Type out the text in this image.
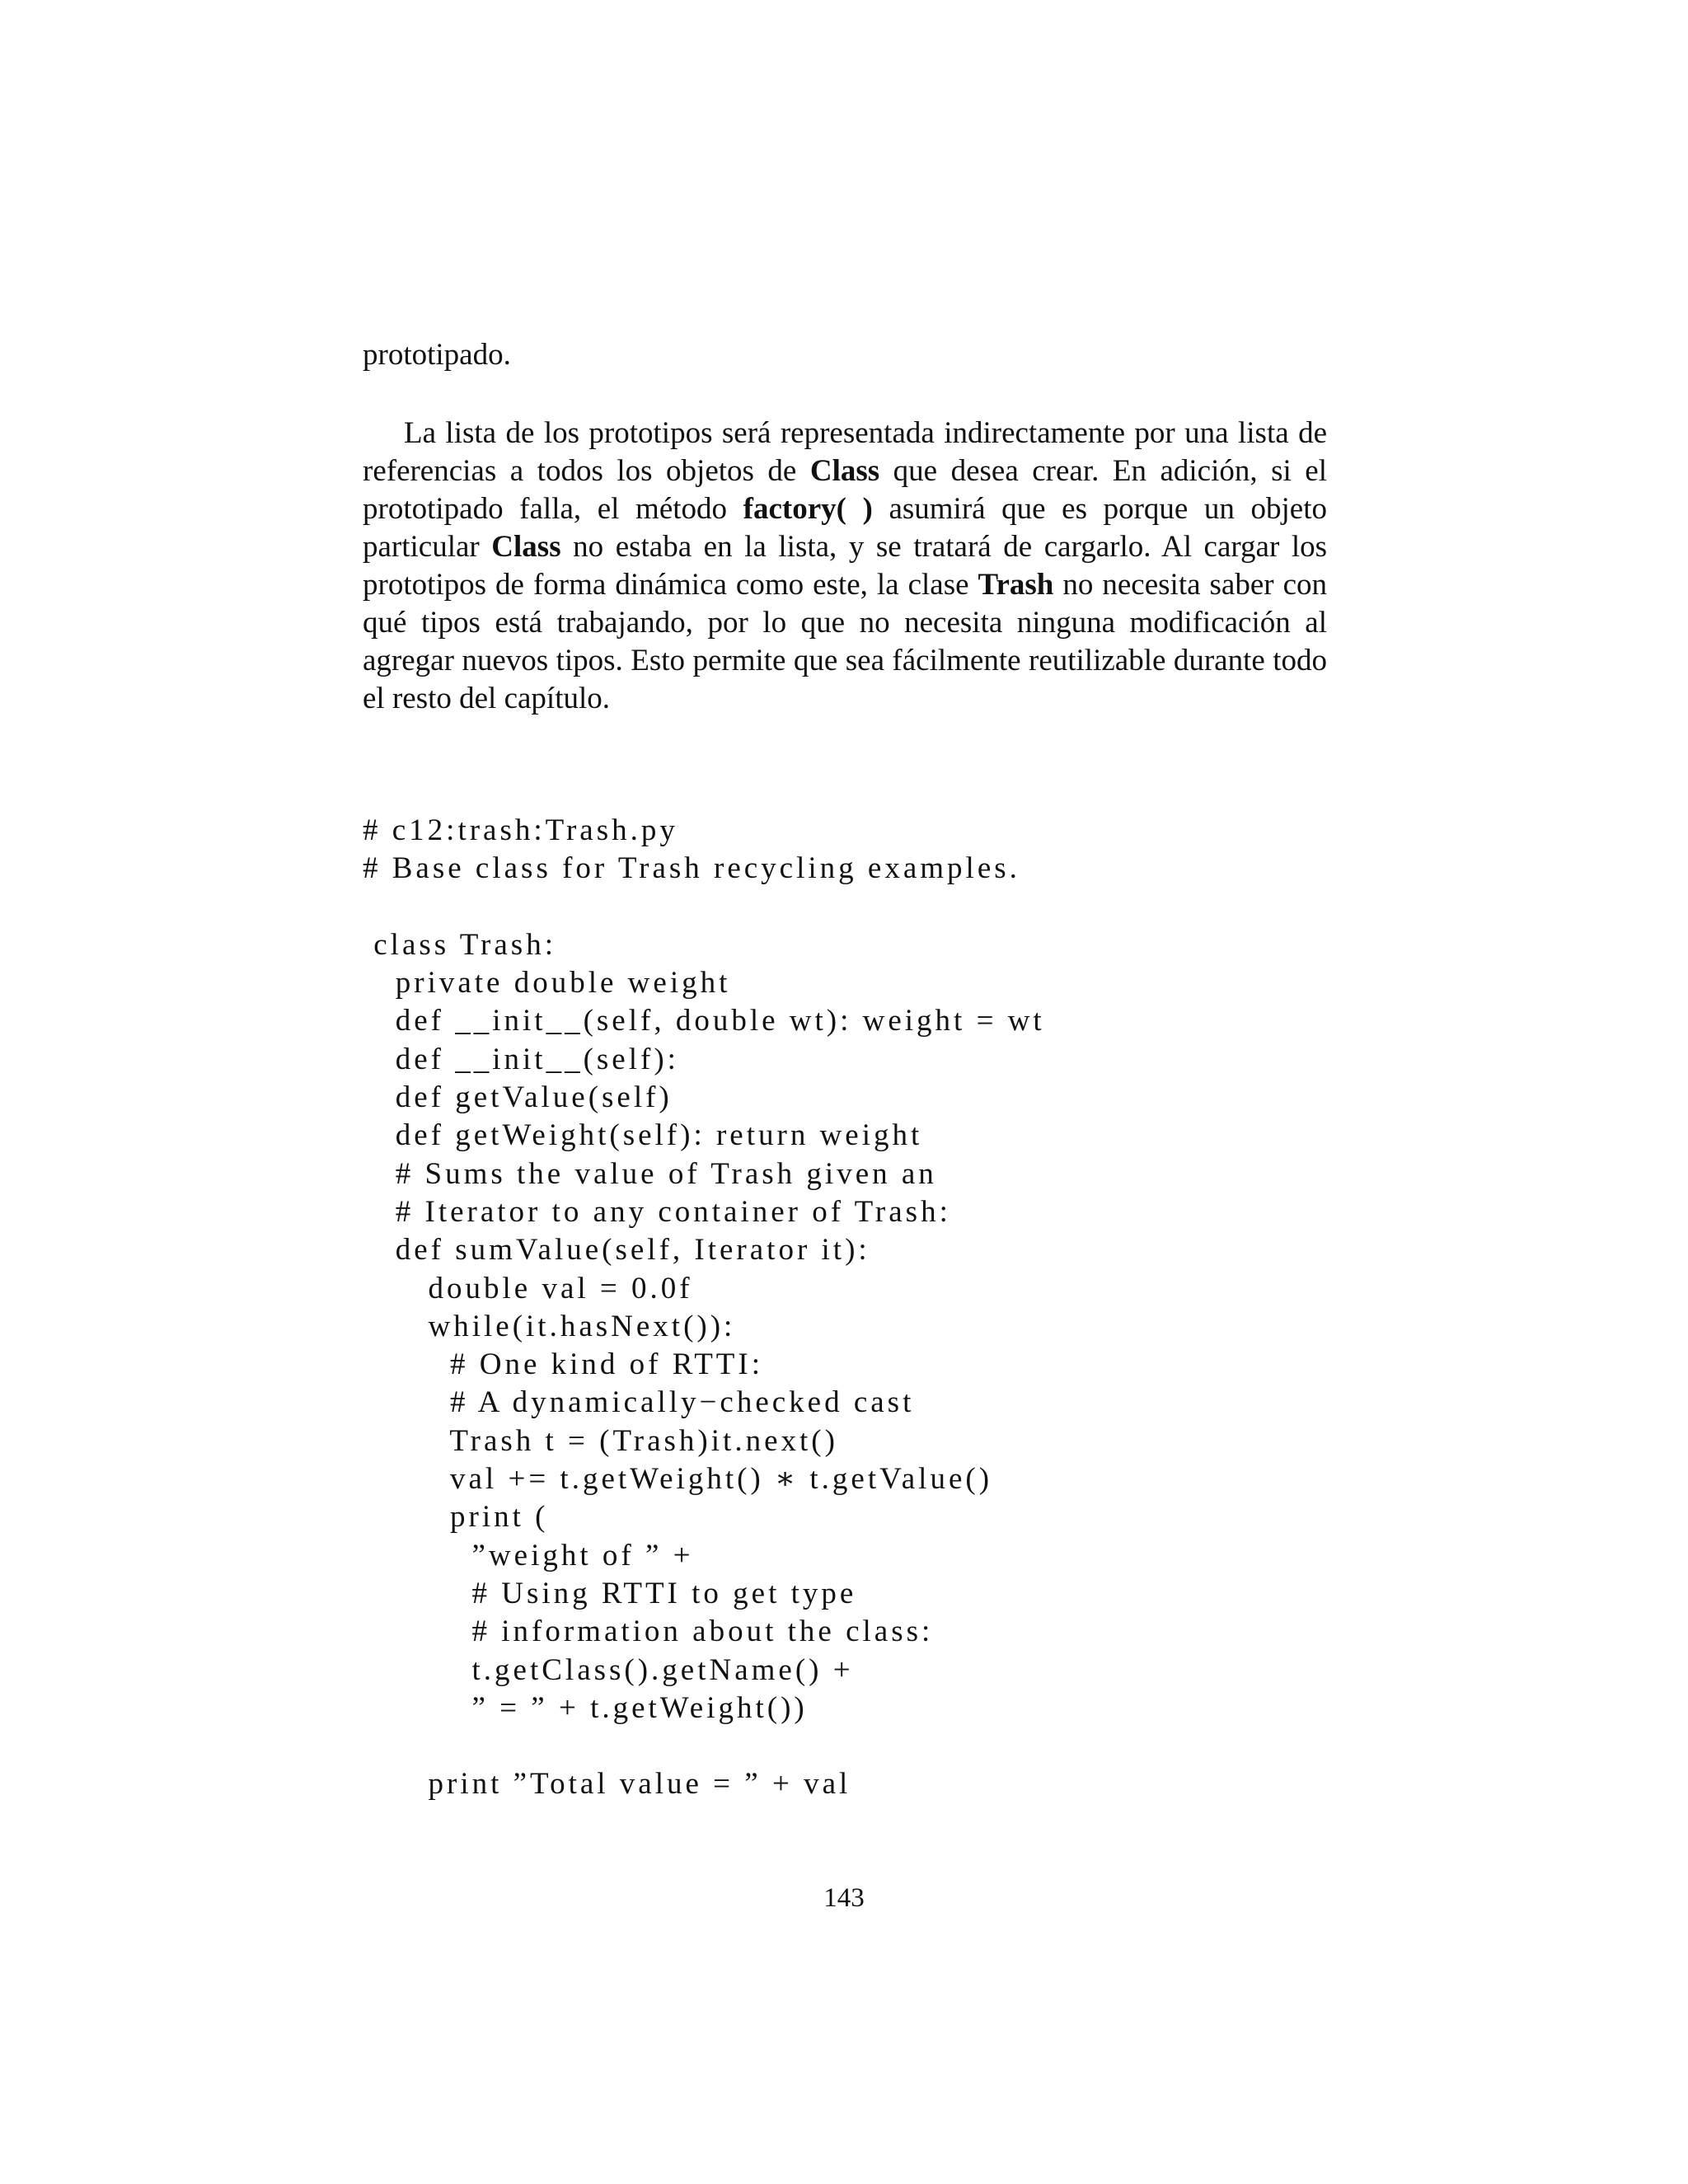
prototipado.

La lista de los prototipos será representada indirectamente por una lista de referencias a todos los objetos de Class que desea crear. En adición, si el prototipado falla, el método factory( ) asumirá que es porque un objeto particular Class no estaba en la lista, y se tratará de cargarlo. Al cargar los prototipos de forma dinámica como este, la clase Trash no necesita saber con qué tipos está trabajando, por lo que no necesita ninguna modificación al agregar nuevos tipos. Esto permite que sea fácilmente reutilizable durante todo el resto del capítulo.

# c12:trash:Trash.py
# Base class for Trash recycling examples.
class Trash:
private double weight
def __init__(self, double wt): weight = wt
def __init__(self):
def getValue(self)
def getWeight(self): return weight
# Sums the value of Trash given an
# Iterator to any container of Trash:
def sumValue(self, Iterator it):
double val = 0.0f
while(it.hasNext()):
# One kind of RTTI:
# A dynamically−checked cast
Trash t = (Trash)it.next()
val += t.getWeight() ∗ t.getValue()
print (
”weight of ” +
# Using RTTI to get type
# information about the class:
t.getClass().getName() +
” = ” + t.getWeight())
print ”Total value = ” + val
143
